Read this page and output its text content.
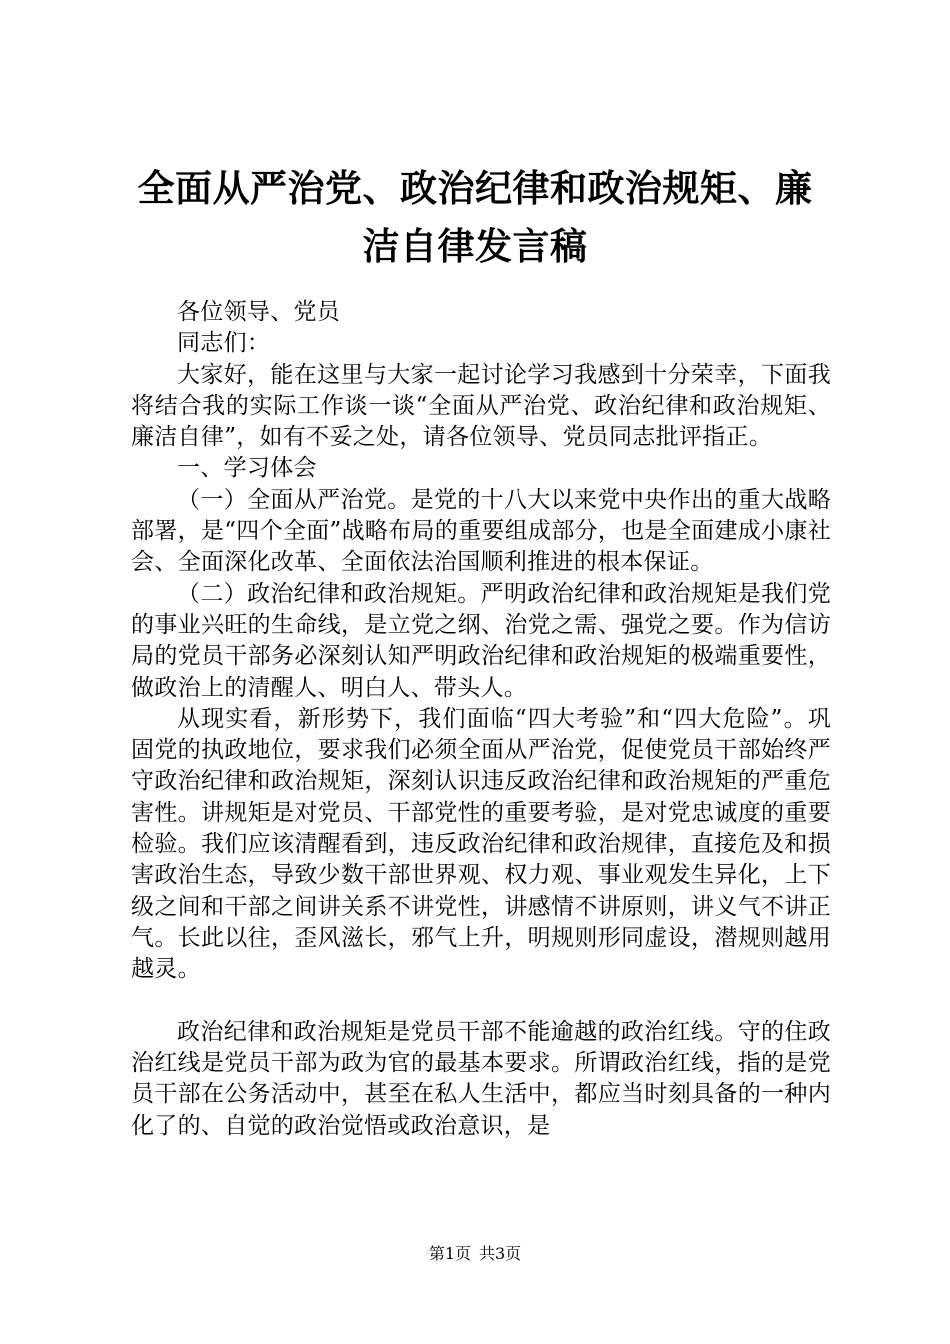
全面从严治党、政治纪律和政治规矩、廉洁自律发言稿

各位领导、党员

同志们：

大家好，能在这里与大家一起讨论学习我感到十分荣幸，下面我将结合我的实际工作谈一谈“全面从严治党、政治纪律和政治规矩、廉洁自律”，如有不妥之处，请各位领导、党员同志批评指正。

一、学习体会

（一）全面从严治党。是党的十八大以来党中央作出的重大战略部署，是“四个全面”战略布局的重要组成部分，也是全面建成小康社会、全面深化改革、全面依法治国顺利推进的根本保证。

（二）政治纪律和政治规矩。严明政治纪律和政治规矩是我们党的事业兴旺的生命线，是立党之纲、治党之需、强党之要。作为信访局的党员干部务必深刻认知严明政治纪律和政治规矩的极端重要性，做政治上的清醒人、明白人、带头人。

从现实看，新形势下，我们面临“四大考验”和“四大危险”。巩固党的执政地位，要求我们必须全面从严治党，促使党员干部始终严守政治纪律和政治规矩，深刻认识违反政治纪律和政治规矩的严重危害性。讲规矩是对党员、干部党性的重要考验，是对党忠诚度的重要检验。我们应该清醒看到，违反政治纪律和政治规律，直接危及和损害政治生态，导致少数干部世界观、权力观、事业观发生异化，上下级之间和干部之间讲关系不讲党性，讲感情不讲原则，讲义气不讲正气。长此以往，歪风滋长，邪气上升，明规则形同虚设，潜规则越用越灵。

政治纪律和政治规矩是党员干部不能逾越的政治红线。守的住政治红线是党员干部为政为官的最基本要求。所谓政治红线，指的是党员干部在公务活动中，甚至在私人生活中，都应当时刻具备的一种内化了的、自觉的政治觉悟或政治意识，是

第1页 共3页
